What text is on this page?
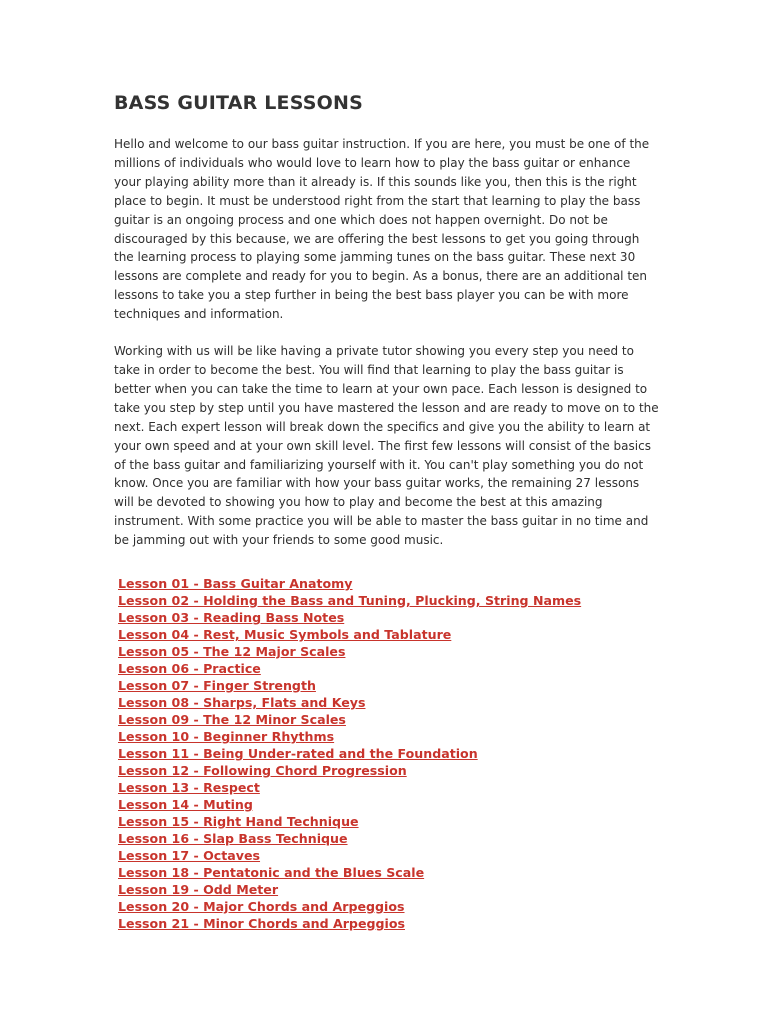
BASS GUITAR LESSONS

Hello and welcome to our bass guitar instruction. If you are here, you must be one of the millions of individuals who would love to learn how to play the bass guitar or enhance your playing ability more than it already is. If this sounds like you, then this is the right place to begin. It must be understood right from the start that learning to play the bass guitar is an ongoing process and one which does not happen overnight. Do not be discouraged by this because, we are offering the best lessons to get you going through the learning process to playing some jamming tunes on the bass guitar. These next 30 lessons are complete and ready for you to begin. As a bonus, there are an additional ten lessons to take you a step further in being the best bass player you can be with more techniques and information.

Working with us will be like having a private tutor showing you every step you need to take in order to become the best. You will find that learning to play the bass guitar is better when you can take the time to learn at your own pace. Each lesson is designed to take you step by step until you have mastered the lesson and are ready to move on to the next. Each expert lesson will break down the specifics and give you the ability to learn at your own speed and at your own skill level. The first few lessons will consist of the basics of the bass guitar and familiarizing yourself with it. You can't play something you do not know. Once you are familiar with how your bass guitar works, the remaining 27 lessons will be devoted to showing you how to play and become the best at this amazing instrument. With some practice you will be able to master the bass guitar in no time and be jamming out with your friends to some good music.

Lesson 01 - Bass Guitar Anatomy
Lesson 02 - Holding the Bass and Tuning, Plucking, String Names
Lesson 03 - Reading Bass Notes
Lesson 04 - Rest, Music Symbols and Tablature
Lesson 05 - The 12 Major Scales
Lesson 06 - Practice
Lesson 07 - Finger Strength
Lesson 08 - Sharps, Flats and Keys
Lesson 09 - The 12 Minor Scales
Lesson 10 - Beginner Rhythms
Lesson 11 - Being Under-rated and the Foundation
Lesson 12 - Following Chord Progression
Lesson 13 - Respect
Lesson 14 - Muting
Lesson 15 - Right Hand Technique
Lesson 16 - Slap Bass Technique
Lesson 17 - Octaves
Lesson 18 - Pentatonic and the Blues Scale
Lesson 19 - Odd Meter
Lesson 20 - Major Chords and Arpeggios
Lesson 21 - Minor Chords and Arpeggios
